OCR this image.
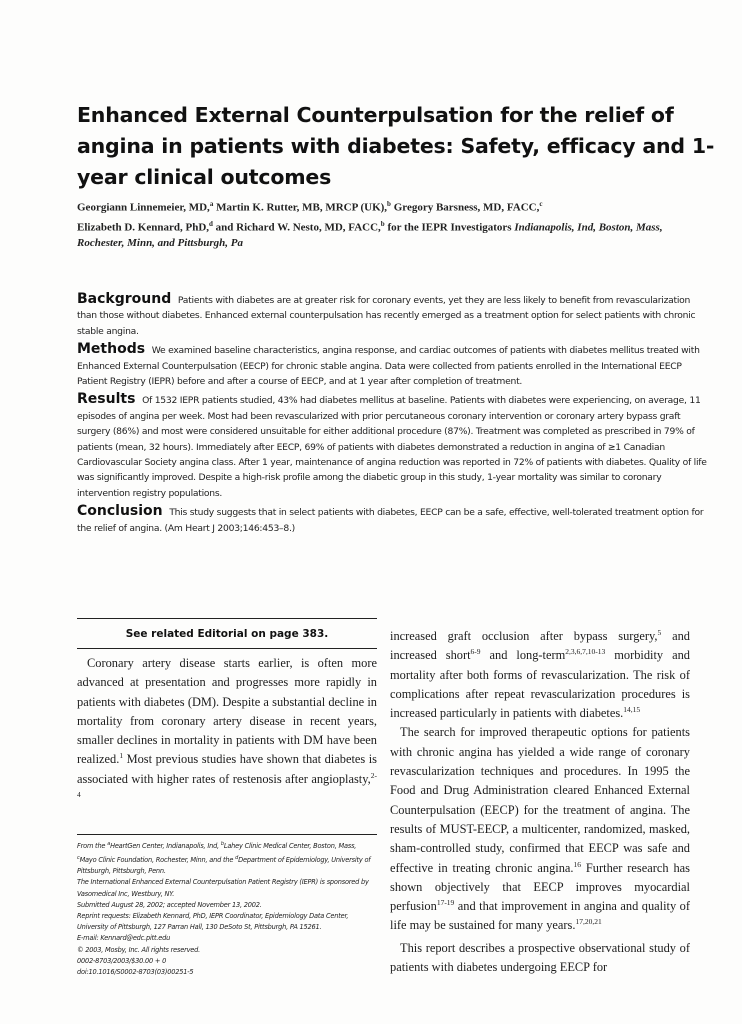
Enhanced External Counterpulsation for the relief of angina in patients with diabetes: Safety, efficacy and 1-year clinical outcomes
Georgiann Linnemeier, MD,$^a$ Martin K. Rutter, MB, MRCP (UK),$^b$ Gregory Barsness, MD, FACC,$^c$
Elizabeth D. Kennard, PhD,$^d$ and Richard W. Nesto, MD, FACC,$^b$ for the IEPR Investigators Indianapolis, Ind, Boston, Mass, Rochester, Minn, and Pittsburgh, Pa

Background Patients with diabetes are at greater risk for coronary events, yet they are less likely to benefit from revascularization than those without diabetes. Enhanced external counterpulsation has recently emerged as a treatment option for select patients with chronic stable angina.

Methods We examined baseline characteristics, angina response, and cardiac outcomes of patients with diabetes mellitus treated with Enhanced External Counterpulsation (EECP) for chronic stable angina. Data were collected from patients enrolled in the International EECP Patient Registry (IEPR) before and after a course of EECP, and at 1 year after completion of treatment.

Results Of 1532 IEPR patients studied, 43% had diabetes mellitus at baseline. Patients with diabetes were experiencing, on average, 11 episodes of angina per week. Most had been revascularized with prior percutaneous coronary intervention or coronary artery bypass graft surgery (86%) and most were considered unsuitable for either additional procedure (87%). Treatment was completed as prescribed in 79% of patients (mean, 32 hours). Immediately after EECP, 69% of patients with diabetes demonstrated a reduction in angina of ≥1 Canadian Cardiovascular Society angina class. After 1 year, maintenance of angina reduction was reported in 72% of patients with diabetes. Quality of life was significantly improved. Despite a high-risk profile among the diabetic group in this study, 1-year mortality was similar to coronary intervention registry populations.

Conclusion This study suggests that in select patients with diabetes, EECP can be a safe, effective, well-tolerated treatment option for the relief of angina. (Am Heart J 2003;146:453–8.)

See related Editorial on page 383.

Coronary artery disease starts earlier, is often more advanced at presentation and progresses more rapidly in patients with diabetes (DM). Despite a substantial decline in mortality from coronary artery disease in recent years, smaller declines in mortality in patients with DM have been realized.$^1$ Most previous studies have shown that diabetes is associated with higher rates of restenosis after angioplasty,$^{2-4}$

From the $^a$HeartGen Center, Indianapolis, Ind, $^b$Lahey Clinic Medical Center, Boston, Mass, $^c$Mayo Clinic Foundation, Rochester, Minn, and the $^d$Department of Epidemiology, University of Pittsburgh, Pittsburgh, Penn.
The International Enhanced External Counterpulsation Patient Registry (IEPR) is sponsored by Vasomedical Inc, Westbury, NY.
Submitted August 28, 2002; accepted November 13, 2002.
Reprint requests: Elizabeth Kennard, PhD, IEPR Coordinator, Epidemiology Data Center, University of Pittsburgh, 127 Parran Hall, 130 DeSoto St, Pittsburgh, PA 15261.
E-mail: Kennard@edc.pitt.edu
© 2003, Mosby, Inc. All rights reserved.
0002-8703/2003/$30.00 + 0
doi:10.1016/S0002-8703(03)00251-5

increased graft occlusion after bypass surgery,$^5$ and increased short$^{6-9}$ and long-term$^{2,3,6,7,10-13}$ morbidity and mortality after both forms of revascularization. The risk of complications after repeat revascularization procedures is increased particularly in patients with diabetes.$^{14,15}$

The search for improved therapeutic options for patients with chronic angina has yielded a wide range of coronary revascularization techniques and procedures. In 1995 the Food and Drug Administration cleared Enhanced External Counterpulsation (EECP) for the treatment of angina. The results of MUST-EECP, a multicenter, randomized, masked, sham-controlled study, confirmed that EECP was safe and effective in treating chronic angina.$^{16}$ Further research has shown objectively that EECP improves myocardial perfusion$^{17-19}$ and that improvement in angina and quality of life may be sustained for many years.$^{17,20,21}$

This report describes a prospective observational study of patients with diabetes undergoing EECP for
